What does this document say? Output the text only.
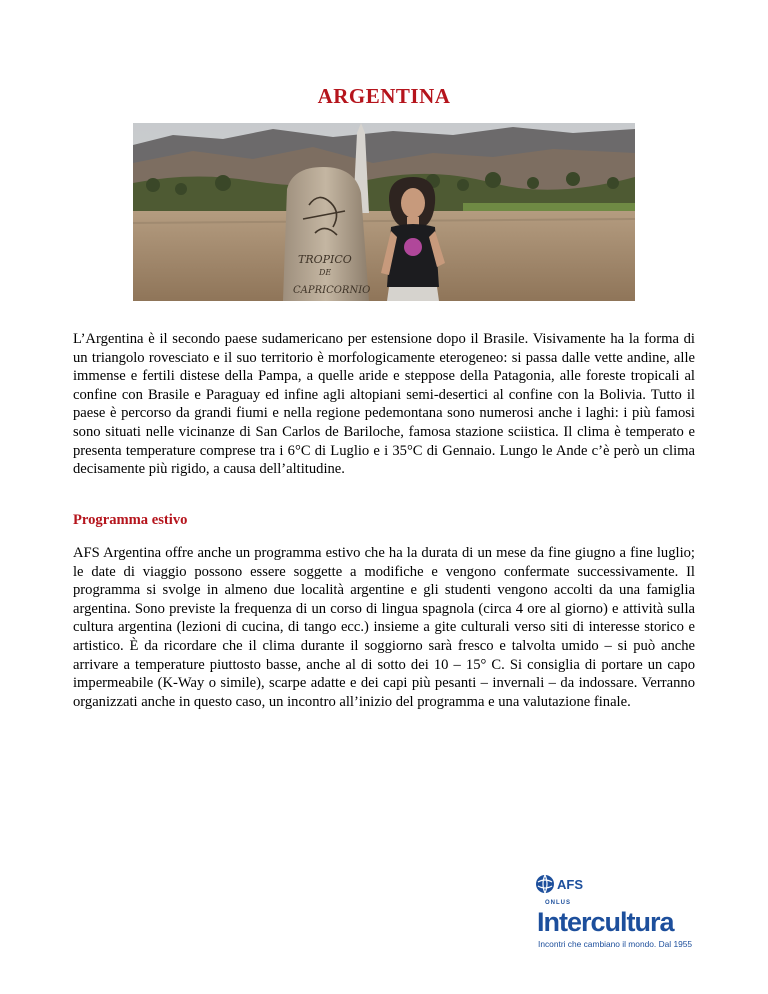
ARGENTINA
TROPICO
DE
CAPRICORNIO

L’Argentina è il secondo paese sudamericano per estensione dopo il Brasile. Visivamente ha la forma di un triangolo rovesciato e il suo territorio è morfologicamente eterogeneo: si passa dalle vette andine, alle immense e fertili distese della Pampa, a quelle aride e steppose della Patagonia, alle foreste tropicali al confine con Brasile e Paraguay ed infine agli altopiani semi-desertici al confine con la Bolivia. Tutto il paese è percorso da grandi fiumi e nella regione pedemontana sono numerosi anche i laghi: i più famosi sono situati nelle vicinanze di San Carlos de Bariloche, famosa stazione sciistica. Il clima è temperato e presenta temperature comprese tra i 6°C di Luglio e i 35°C di Gennaio. Lungo le Ande c’è però un clima decisamente più rigido, a causa dell’altitudine.

Programma estivo

AFS Argentina offre anche un programma estivo che ha la durata di un mese da fine giugno a fine luglio; le date di viaggio possono essere soggette a modifiche e vengono confermate successivamente. Il programma si svolge in almeno due località argentine e gli studenti vengono accolti da una famiglia argentina. Sono previste la frequenza di un corso di lingua spagnola (circa 4 ore al giorno) e attività sulla cultura argentina (lezioni di cucina, di tango ecc.) insieme a gite culturali verso siti di interesse storico e artistico. È da ricordare che il clima durante il soggiorno sarà fresco e talvolta umido – si può anche arrivare a temperature piuttosto basse, anche al di sotto dei 10 – 15° C. Si consiglia di portare un capo impermeabile (K-Way o simile), scarpe adatte e dei capi più pesanti – invernali – da indossare. Verranno organizzati anche in questo caso, un incontro all’inizio del programma e una valutazione finale.

AFS
ONLUS
Intercultura
Incontri che cambiano il mondo. Dal 1955
